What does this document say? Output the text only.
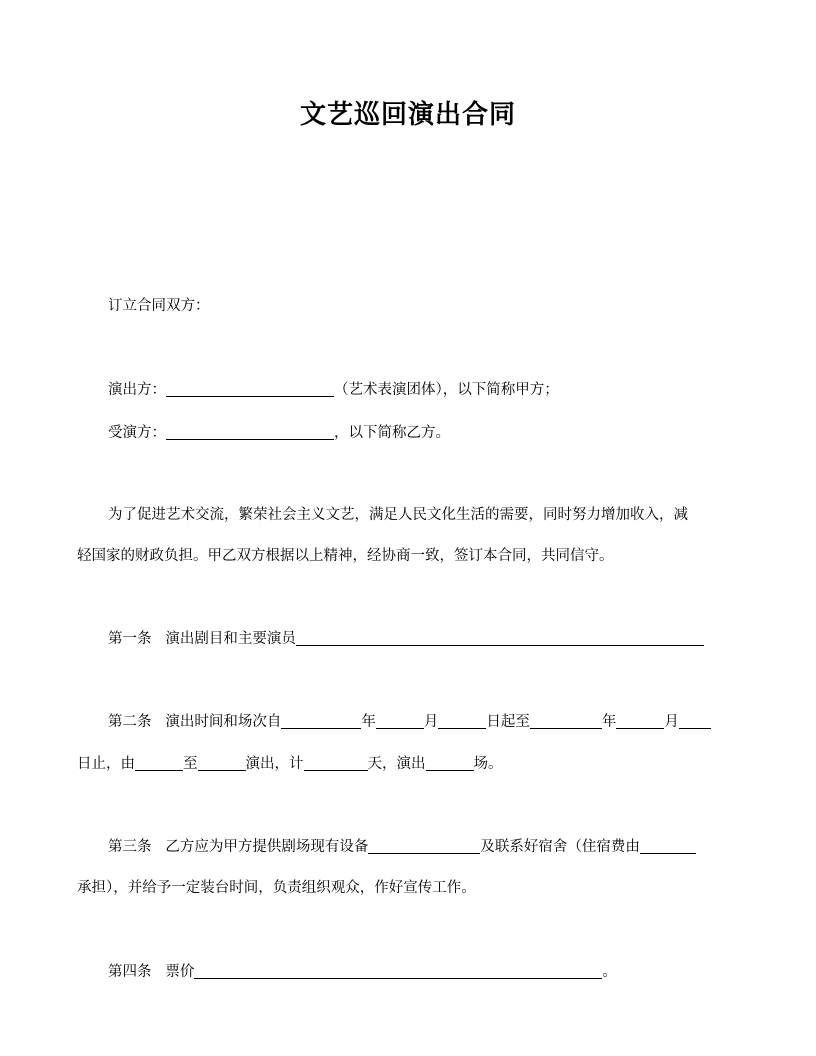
文艺巡回演出合同
订立合同双方：
演出方：	（艺术表演团体），以下简称甲方；
受演方：	，以下简称乙方。
为了促进艺术交流，繁荣社会主义文艺，满足人民文化生活的需要，同时努力增加收入，减
轻国家的财政负担。甲乙双方根据以上精神，经协商一致，签订本合同，共同信守。
第一条 演出剧目和主要演员
第二条 演出时间和场次自	年	月	日起至	年	月
日止，由	至	演出，计	天，演出	场。
第三条 乙方应为甲方提供剧场现有设备	及联系好宿舍（住宿费由
承担），并给予一定装台时间，负责组织观众，作好宣传工作。
第四条 票价	。
